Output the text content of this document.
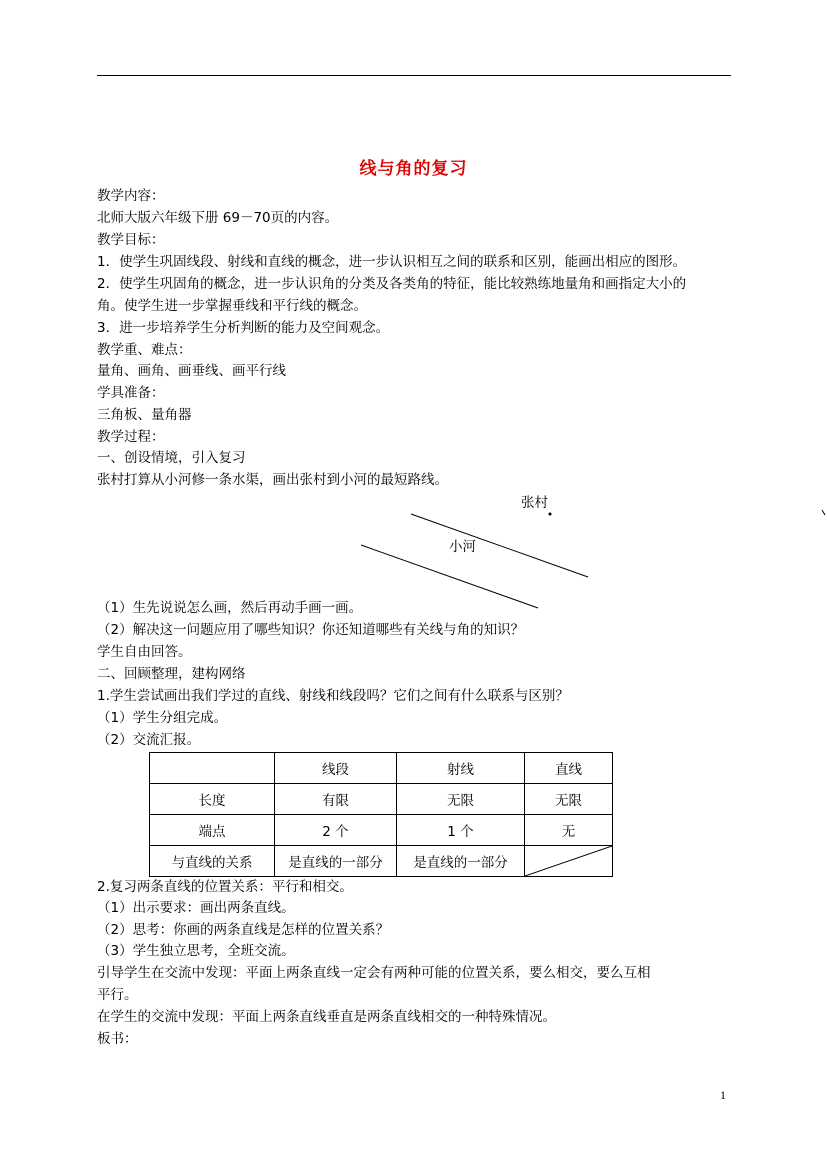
线与角的复习
教学内容：
北师大版六年级下册 69－70页的内容。
教学目标：
1．使学生巩固线段、射线和直线的概念，进一步认识相互之间的联系和区别，能画出相应的图形。
2．使学生巩固角的概念，进一步认识角的分类及各类角的特征，能比较熟练地量角和画指定大小的
角。使学生进一步掌握垂线和平行线的概念。
3．进一步培养学生分析判断的能力及空间观念。
教学重、难点：
量角、画角、画垂线、画平行线
学具准备：
三角板、量角器
教学过程：
一、创设情境，引入复习
张村打算从小河修一条水渠，画出张村到小河的最短路线。
张村
小河
（1）生先说说怎么画，然后再动手画一画。
（2）解决这一问题应用了哪些知识？你还知道哪些有关线与角的知识？
学生自由回答。
二、回顾整理，建构网络
1.学生尝试画出我们学过的直线、射线和线段吗？它们之间有什么联系与区别？
（1）学生分组完成。
（2）交流汇报。
	线段	射线	直线
长度	有限	无限	无限
端点	2 个	1 个	无
与直线的关系	是直线的一部分	是直线的一部分	
2.复习两条直线的位置关系：平行和相交。
（1）出示要求：画出两条直线。
（2）思考：你画的两条直线是怎样的位置关系？
（3）学生独立思考，全班交流。
引导学生在交流中发现：平面上两条直线一定会有两种可能的位置关系，要么相交，要么互相
平行。
在学生的交流中发现：平面上两条直线垂直是两条直线相交的一种特殊情况。
板书：
1
